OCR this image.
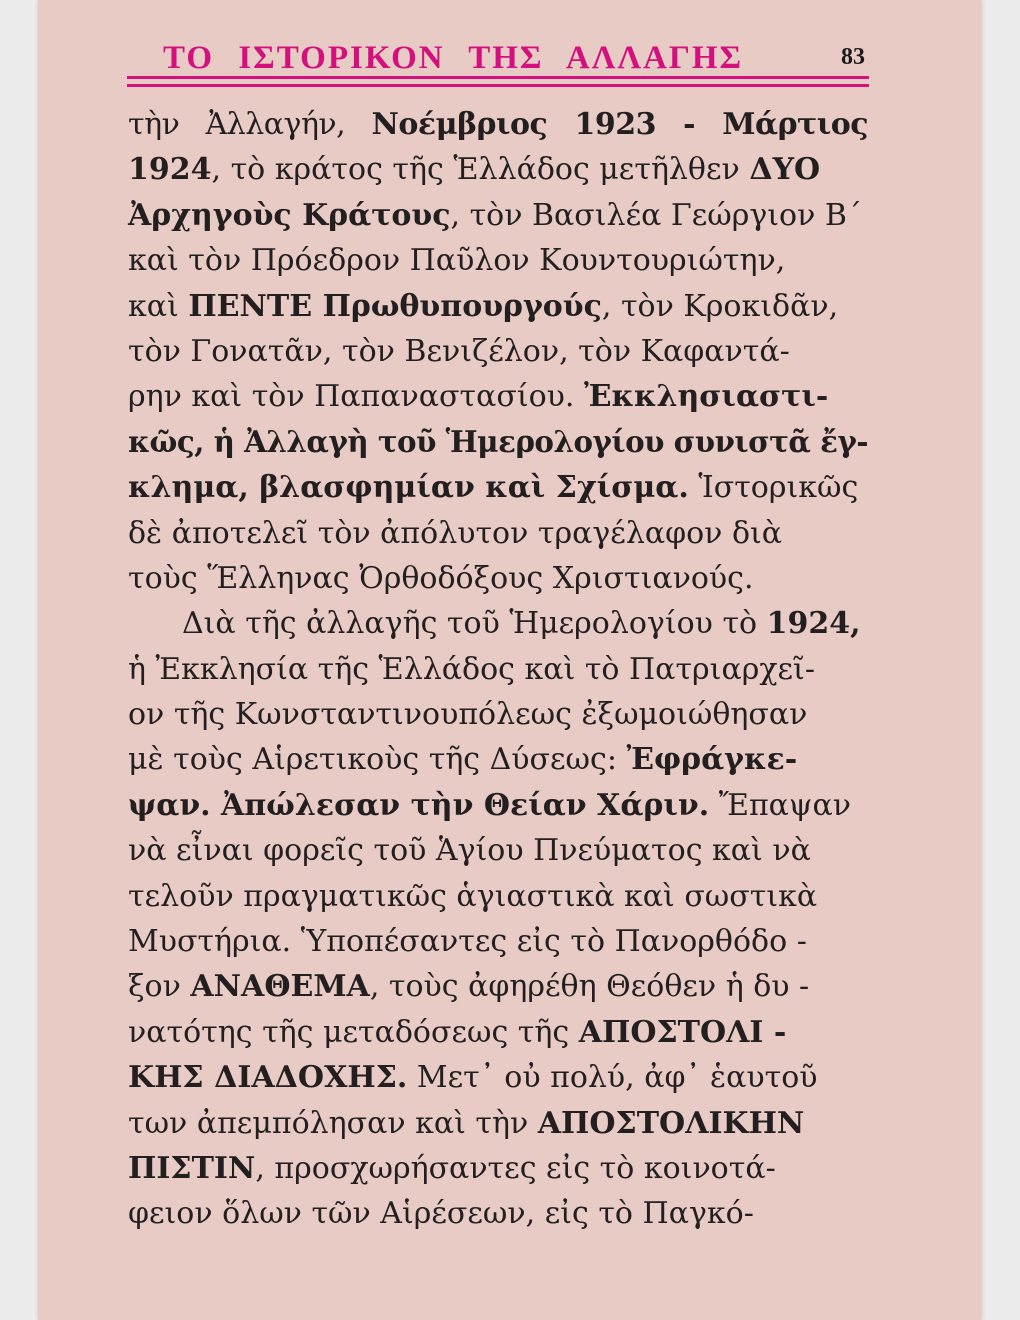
ΤΟ ΙΣΤΟΡΙΚΟΝ ΤΗΣ ΑΛΛΑΓΗΣ	83
τὴν Ἀλλαγήν, Νοέμβριος 1923 - Μάρτιος
1924, τὸ κράτος τῆς Ἑλλάδος μετῆλθεν ΔΥΟ
Ἀρχηγοὺς Κράτους, τὸν Βασιλέα Γεώργιον Β΄
καὶ τὸν Πρόεδρον Παῦλον Κουντουριώτην,
καὶ ΠΕΝΤΕ Πρωθυπουργούς, τὸν Κροκιδᾶν,
τὸν Γονατᾶν, τὸν Βενιζέλον, τὸν Καφαντά-
ρην καὶ τὸν Παπαναστασίου. Ἐκκλησιαστι-
κῶς, ἡ Ἀλλαγὴ τοῦ Ἡμερολογίου συνιστᾶ ἔγ-
κλημα, βλασφημίαν καὶ Σχίσμα. Ἱστορικῶς
δὲ ἀποτελεῖ τὸν ἀπόλυτον τραγέλαφον διὰ
τοὺς Ἕλληνας Ὀρθοδόξους Χριστιανούς.
Διὰ τῆς ἀλλαγῆς τοῦ Ἡμερολογίου τὸ 1924,
ἡ Ἐκκλησία τῆς Ἑλλάδος καὶ τὸ Πατριαρχεῖ-
ον τῆς Κωνσταντινουπόλεως ἐξωμοιώθησαν
μὲ τοὺς Αἱρετικοὺς τῆς Δύσεως: Ἐφράγκε-
ψαν. Ἀπώλεσαν τὴν Θείαν Χάριν. Ἔπαψαν
νὰ εἶναι φορεῖς τοῦ Ἁγίου Πνεύματος καὶ νὰ
τελοῦν πραγματικῶς ἁγιαστικὰ καὶ σωστικὰ
Μυστήρια. Ὑποπέσαντες εἰς τὸ Πανορθόδο -
ξον ΑΝΑΘΕΜΑ, τοὺς ἀφηρέθη Θεόθεν ἡ δυ -
νατότης τῆς μεταδόσεως τῆς ΑΠΟΣΤΟΛΙ -
ΚΗΣ ΔΙΑΔΟΧΗΣ. Μετ᾽ οὐ πολύ, ἀφ᾽ ἑαυτοῦ
των ἀπεμπόλησαν καὶ τὴν ΑΠΟΣΤΟΛΙΚΗΝ
ΠΙΣΤΙΝ, προσχωρήσαντες εἰς τὸ κοινοτά-
φειον ὅλων τῶν Αἱρέσεων, εἰς τὸ Παγκό-
